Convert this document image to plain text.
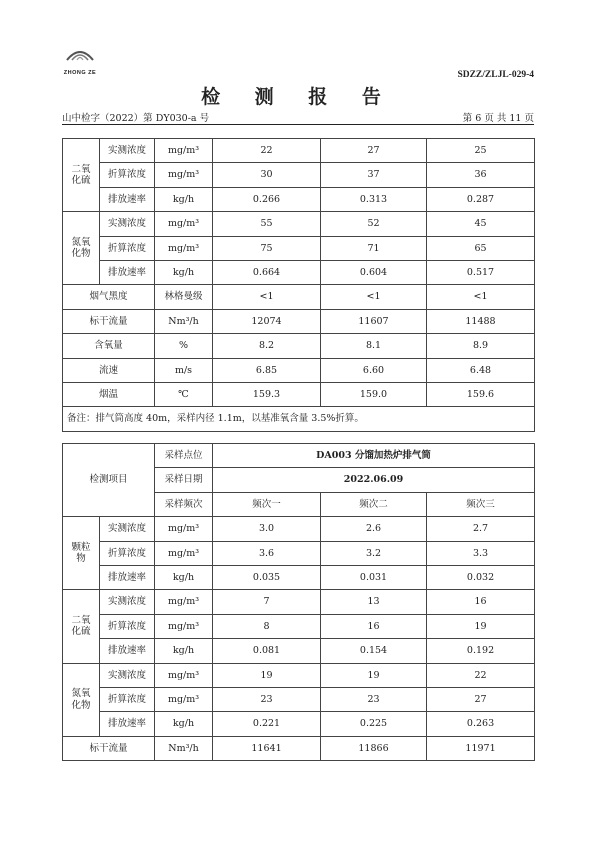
ZHONG ZE	SDZZ/ZLJL-029-4
检 测 报 告
山中检字（2022）第 DY030-a 号	第 6 页 共 11 页
二氧
化硫	实测浓度	mg/m³	22	27	25
	折算浓度	mg/m³	30	37	36
	排放速率	kg/h	0.266	0.313	0.287
氮氧
化物	实测浓度	mg/m³	55	52	45
	折算浓度	mg/m³	75	71	65
	排放速率	kg/h	0.664	0.604	0.517
烟气黑度		林格曼级	<1	<1	<1
标干流量		Nm³/h	12074	11607	11488
含氧量		%	8.2	8.1	8.9
流速		m/s	6.85	6.60	6.48
烟温		℃	159.3	159.0	159.6
备注：排气筒高度 40m，采样内径 1.1m，以基准氧含量 3.5%折算。					
检测项目		采样点位	DA003 分馏加热炉排气筒		
		采样日期	2022.06.09		
		采样频次	频次一	频次二	频次三
颗粒
物	实测浓度	mg/m³	3.0	2.6	2.7
	折算浓度	mg/m³	3.6	3.2	3.3
	排放速率	kg/h	0.035	0.031	0.032
二氧
化硫	实测浓度	mg/m³	7	13	16
	折算浓度	mg/m³	8	16	19
	排放速率	kg/h	0.081	0.154	0.192
氮氧
化物	实测浓度	mg/m³	19	19	22
	折算浓度	mg/m³	23	23	27
	排放速率	kg/h	0.221	0.225	0.263
标干流量		Nm³/h	11641	11866	11971
